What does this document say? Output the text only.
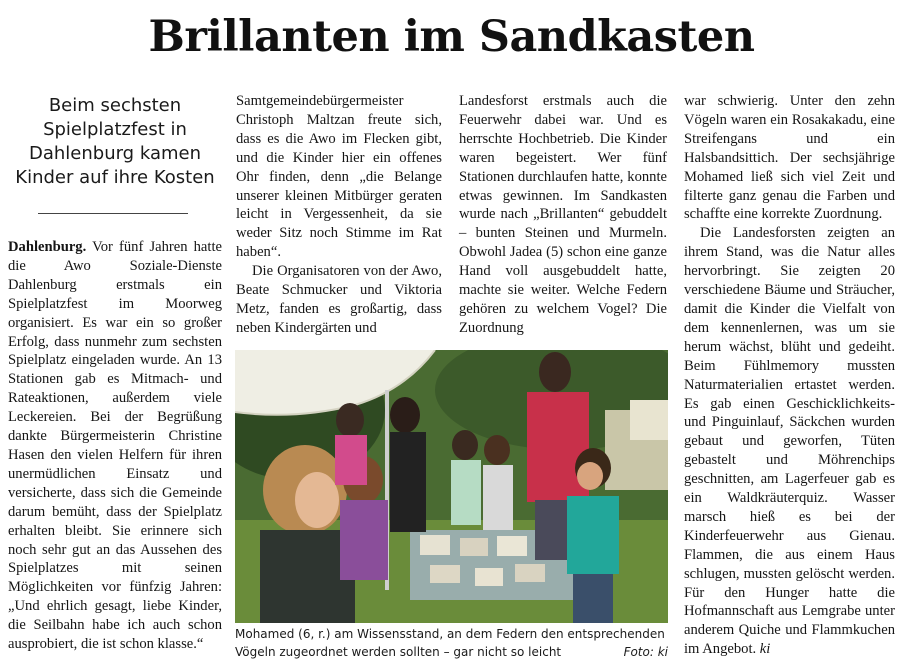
Brillanten im Sandkasten
Beim sechsten Spielplatzfest in Dahlenburg kamen Kinder auf ihre Kosten

Dahlenburg. Vor fünf Jahren hatte die Awo Soziale-Dienste Dahlenburg erstmals ein Spielplatzfest im Moorweg organisiert. Es war ein so großer Erfolg, dass nunmehr zum sechsten Spielplatz eingeladen wurde. An 13 Stationen gab es Mitmach- und Rateaktionen, außerdem viele Leckereien. Bei der Begrüßung dankte Bürgermeisterin Christine Hasen den vielen Helfern für ihren unermüdlichen Einsatz und versicherte, dass sich die Gemeinde darum bemüht, dass der Spielplatz erhalten bleibt. Sie erinnere sich noch sehr gut an das Aussehen des Spielplatzes mit seinen Möglichkeiten vor fünfzig Jahren: „Und ehrlich gesagt, liebe Kinder, die Seilbahn habe ich auch schon ausprobiert, die ist schon klasse.“

Samtgemeindebürgermeister Christoph Maltzan freute sich, dass es die Awo im Flecken gibt, und die Kinder hier ein offenes Ohr finden, denn „die Belange unserer kleinen Mitbürger geraten leicht in Vergessenheit, da sie weder Sitz noch Stimme im Rat haben“.

Die Organisatoren von der Awo, Beate Schmucker und Viktoria Metz, fanden es großartig, dass neben Kindergärten und

Landesforst erstmals auch die Feuerwehr dabei war. Und es herrschte Hochbetrieb. Die Kinder waren begeistert. Wer fünf Stationen durchlaufen hatte, konnte etwas gewinnen. Im Sandkasten wurde nach „Brillanten“ gebuddelt – bunten Steinen und Murmeln. Obwohl Jadea (5) schon eine ganze Hand voll ausgebuddelt hatte, machte sie weiter. Welche Federn gehören zu welchem Vogel? Die Zuordnung

war schwierig. Unter den zehn Vögeln waren ein Rosakakadu, eine Streifengans und ein Halsbandsittich. Der sechsjährige Mohamed ließ sich viel Zeit und filterte ganz genau die Farben und schaffte eine korrekte Zuordnung.

Die Landesforsten zeigten an ihrem Stand, was die Natur alles hervorbringt. Sie zeigten 20 verschiedene Bäume und Sträucher, damit die Kinder die Vielfalt von dem kennenlernen, was um sie herum wächst, blüht und gedeiht. Beim Fühlmemory mussten Naturmaterialien ertastet werden. Es gab einen Geschicklichkeits- und Pinguinlauf, Säckchen wurden gebaut und geworfen, Tüten gebastelt und Möhrenchips geschnitten, am Lagerfeuer gab es ein Waldkräuterquiz. Wasser marsch hieß es bei der Kinderfeuerwehr aus Gienau. Flammen, die aus einem Haus schlugen, mussten gelöscht werden. Für den Hunger hatte die Hofmannschaft aus Lemgrabe unter anderem Quiche und Flammkuchen im Angebot. ki

Mohamed (6, r.) am Wissensstand, an dem Federn den entsprechenden Vögeln zugeordnet werden sollten – gar nicht so leicht	Foto: ki
